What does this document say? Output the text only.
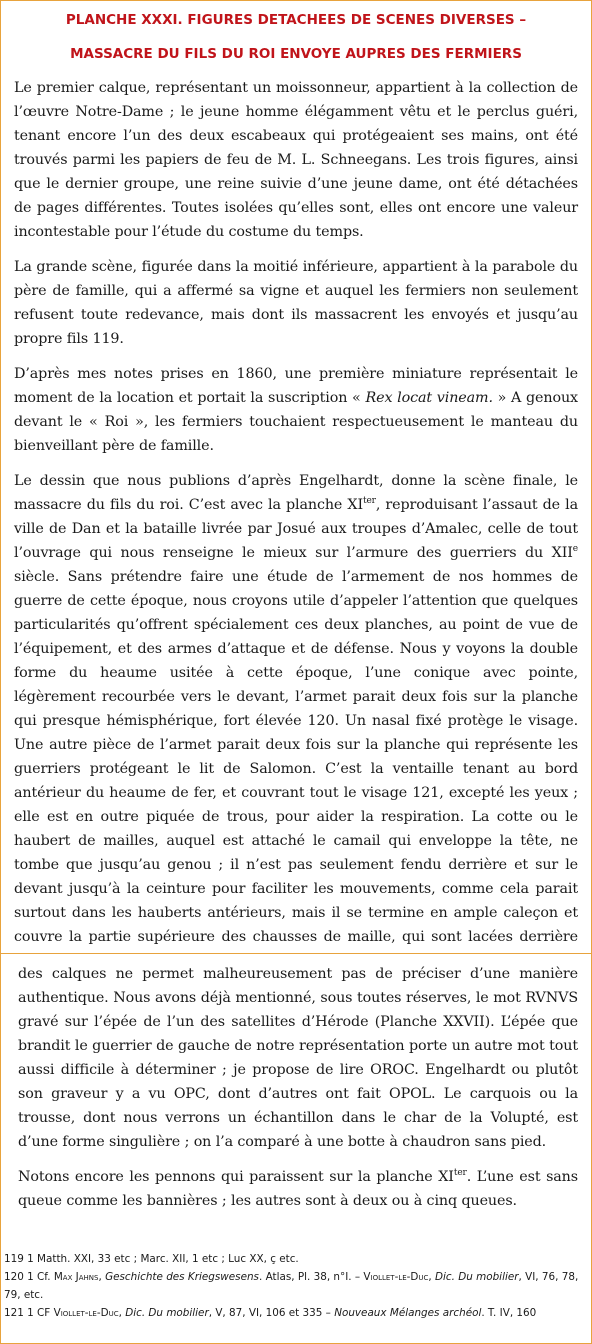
PLANCHE XXXI. FIGURES DETACHEES DE SCENES DIVERSES –
MASSACRE DU FILS DU ROI ENVOYE AUPRES DES FERMIERS

Le premier calque, représentant un moissonneur, appartient à la collection de l’œuvre Notre-Dame ; le jeune homme élégamment vêtu et le perclus guéri, tenant encore l’un des deux escabeaux qui protégeaient ses mains, ont été trouvés parmi les papiers de feu de M. L. Schneegans. Les trois figures, ainsi que le dernier groupe, une reine suivie d’une jeune dame, ont été détachées de pages différentes. Toutes isolées qu’elles sont, elles ont encore une valeur incontestable pour l’étude du costume du temps.

La grande scène, figurée dans la moitié inférieure, appartient à la parabole du père de famille, qui a affermé sa vigne et auquel les fermiers non seulement refusent toute redevance, mais dont ils massacrent les envoyés et jusqu’au propre fils 119.

D’après mes notes prises en 1860, une première miniature représentait le moment de la location et portait la suscription « Rex locat vineam. » A genoux devant le « Roi », les fermiers touchaient respectueusement le manteau du bienveillant père de famille.

Le dessin que nous publions d’après Engelhardt, donne la scène finale, le massacre du fils du roi. C’est avec la planche $XI^{ter}$, reproduisant l’assaut de la ville de Dan et la bataille livrée par Josué aux troupes d’Amalec, celle de tout l’ouvrage qui nous renseigne le mieux sur l’armure des guerriers du XIIe siècle. Sans prétendre faire une étude de l’armement de nos hommes de guerre de cette époque, nous croyons utile d’appeler l’attention que quelques particularités qu’offrent spécialement ces deux planches, au point de vue de l’équipement, et des armes d’attaque et de défense. Nous y voyons la double forme du heaume usitée à cette époque, l’une conique avec pointe, légèrement recourbée vers le devant, l’armet parait deux fois sur la planche qui presque hémisphérique, fort élevée 120. Un nasal fixé protège le visage. Une autre pièce de l’armet parait deux fois sur la planche qui représente les guerriers protégeant le lit de Salomon. C’est la ventaille tenant au bord antérieur du heaume de fer, et couvrant tout le visage 121, excepté les yeux ; elle est en outre piquée de trous, pour aider la respiration. La cotte ou le haubert de mailles, auquel est attaché le camail qui enveloppe la tête, ne tombe que jusqu’au genou ; il n’est pas seulement fendu derrière et sur le devant jusqu’à la ceinture pour faciliter les mouvements, comme cela parait surtout dans les hauberts antérieurs, mais il se termine en ample caleçon et couvre la partie supérieure des chausses de maille, qui sont lacées derrière

des calques ne permet malheureusement pas de préciser d’une manière authentique. Nous avons déjà mentionné, sous toutes réserves, le mot RVNVS gravé sur l’épée de l’un des satellites d’Hérode (Planche XXVII). L’épée que brandit le guerrier de gauche de notre représentation porte un autre mot tout aussi difficile à déterminer ; je propose de lire OROC. Engelhardt ou plutôt son graveur y a vu OPC, dont d’autres ont fait OPOL. Le carquois ou la trousse, dont nous verrons un échantillon dans le char de la Volupté, est d’une forme singulière ; on l’a comparé à une botte à chaudron sans pied.

Notons encore les pennons qui paraissent sur la planche $XI^{ter}$. L’une est sans queue comme les bannières ; les autres sont à deux ou à cinq queues.

119 1 Matth. XXI, 33 etc ; Marc. XII, 1 etc ; Luc XX, ç etc.

120 1 Cf. Max Jahns, Geschichte des Kriegswesens. Atlas, Pl. 38, n°I. – Viollet-le-Duc, Dic. Du mobilier, VI, 76, 78, 79, etc.

121 1 CF Viollet-le-Duc, Dic. Du mobilier, V, 87, VI, 106 et 335 – Nouveaux Mélanges archéol. T. IV, 160
